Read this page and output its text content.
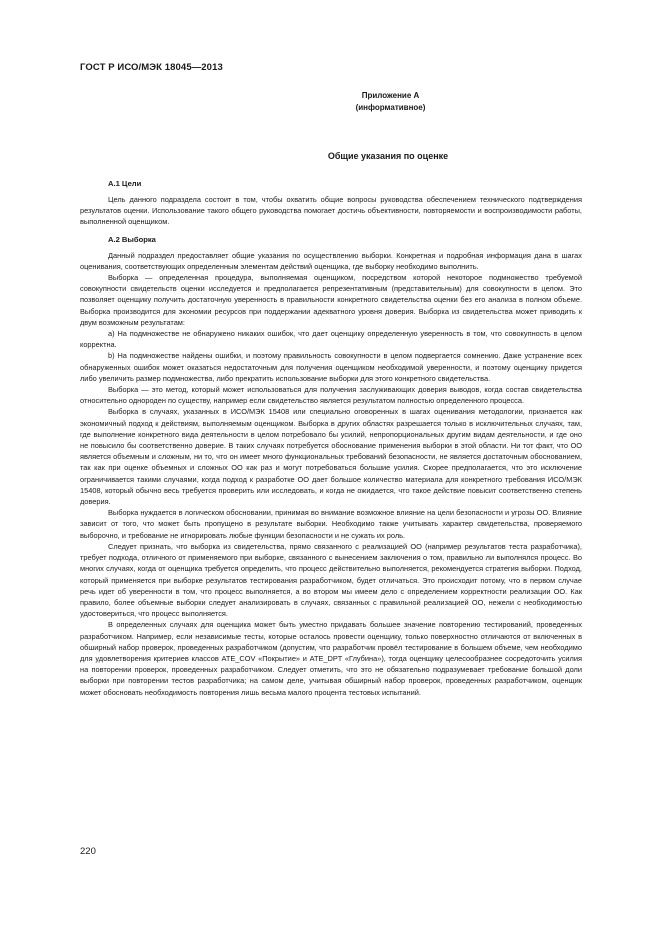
ГОСТ Р ИСО/МЭК 18045—2013
Приложение А
(информативное)
Общие указания по оценке
А.1 Цели

Цель данного подраздела состоит в том, чтобы охватить общие вопросы руководства обеспечением технического подтверждения результатов оценки. Использование такого общего руководства помогает достичь объективности, повторяемости и воспроизводимости работы, выполненной оценщиком.

А.2 Выборка

Данный подраздел предоставляет общие указания по осуществлению выборки. Конкретная и подробная информация дана в шагах оценивания, соответствующих определенным элементам действий оценщика, где выборку необходимо выполнить.

Выборка — определенная процедура, выполняемая оценщиком, посредством которой некоторое подмножество требуемой совокупности свидетельств оценки исследуется и предполагается репрезентативным (представительным) для совокупности в целом. Это позволяет оценщику получить достаточную уверенность в правильности конкретного свидетельства оценки без его анализа в полном объеме. Выборка производится для экономии ресурсов при поддержании адекватного уровня доверия. Выборка из свидетельства может приводить к двум возможным результатам:

a) На подмножестве не обнаружено никаких ошибок, что дает оценщику определенную уверенность в том, что совокупность в целом корректна.

b) На подмножестве найдены ошибки, и поэтому правильность совокупности в целом подвергается сомнению. Даже устранение всех обнаруженных ошибок может оказаться недостаточным для получения оценщиком необходимой уверенности, и поэтому оценщику придется либо увеличить размер подмножества, либо прекратить использование выборки для этого конкретного свидетельства.

Выборка — это метод, который может использоваться для получения заслуживающих доверия выводов, когда состав свидетельства относительно однороден по существу, например если свидетельство является результатом полностью определенного процесса.

Выборка в случаях, указанных в ИСО/МЭК 15408 или специально оговоренных в шагах оценивания методологии, признается как экономичный подход к действиям, выполняемым оценщиком. Выборка в других областях разрешается только в исключительных случаях, там, где выполнение конкретного вида деятельности в целом потребовало бы усилий, непропорциональных другим видам деятельности, и где оно не повысило бы соответственно доверие. В таких случаях потребуется обоснование применения выборки в этой области. Ни тот факт, что ОО является объемным и сложным, ни то, что он имеет много функциональных требований безопасности, не является достаточным обоснованием, так как при оценке объемных и сложных ОО как раз и могут потребоваться большие усилия. Скорее предполагается, что это исключение ограничивается такими случаями, когда подход к разработке ОО дает большое количество материала для конкретного требования ИСО/МЭК 15408, который обычно весь требуется проверить или исследовать, и когда не ожидается, что такое действие повысит соответственно степень доверия.

Выборка нуждается в логическом обосновании, принимая во внимание возможное влияние на цели безопасности и угрозы ОО. Влияние зависит от того, что может быть пропущено в результате выборки. Необходимо также учитывать характер свидетельства, проверяемого выборочно, и требование не игнорировать любые функции безопасности и не сужать их роль.

Следует признать, что выборка из свидетельства, прямо связанного с реализацией ОО (например результатов теста разработчика), требует подхода, отличного от применяемого при выборке, связанного с вынесением заключения о том, правильно ли выполнялся процесс. Во многих случаях, когда от оценщика требуется определить, что процесс действительно выполняется, рекомендуется стратегия выборки. Подход, который применяется при выборке результатов тестирования разработчиком, будет отличаться. Это происходит потому, что в первом случае речь идет об уверенности в том, что процесс выполняется, а во втором мы имеем дело с определением корректности реализации ОО. Как правило, более объемные выборки следует анализировать в случаях, связанных с правильной реализацией ОО, нежели с необходимостью удостовериться, что процесс выполняется.

В определенных случаях для оценщика может быть уместно придавать большее значение повторению тестирований, проведенных разработчиком. Например, если независимые тесты, которые осталось провести оценщику, только поверхностно отличаются от включенных в обширный набор проверок, проведенных разработчиком (допустим, что разработчик провёл тестирование в большем объеме, чем необходимо для удовлетворения критериев классов ATE_COV «Покрытие» и ATE_DPT «Глубина»), тогда оценщику целесообразнее сосредоточить усилия на повторении проверок, проведенных разработчиком. Следует отметить, что это не обязательно подразумевает требование большой доли выборки при повторении тестов разработчика; на самом деле, учитывая обширный набор проверок, проведенных разработчиком, оценщик может обосновать необходимость повторения лишь весьма малого процента тестовых испытаний.

220
